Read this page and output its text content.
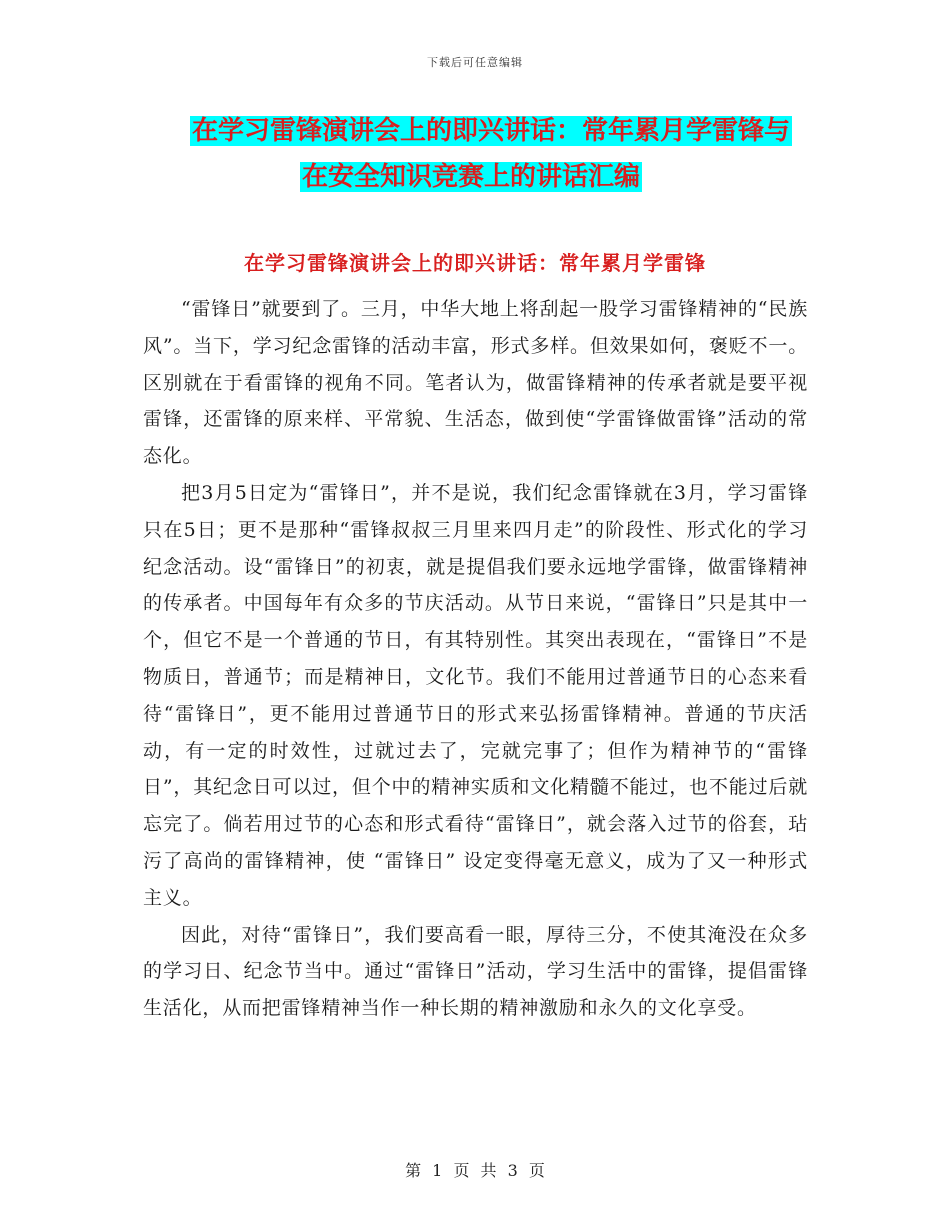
下载后可任意编辑
在学习雷锋演讲会上的即兴讲话：常年累月学雷锋与
在安全知识竞赛上的讲话汇编
在学习雷锋演讲会上的即兴讲话：常年累月学雷锋

“雷锋日”就要到了。三月，中华大地上将刮起一股学习雷锋精神的“民族风”。当下，学习纪念雷锋的活动丰富，形式多样。但效果如何，褒贬不一。区别就在于看雷锋的视角不同。笔者认为，做雷锋精神的传承者就是要平视雷锋，还雷锋的原来样、平常貌、生活态，做到使“学雷锋做雷锋”活动的常态化。

把3月5日定为“雷锋日”，并不是说，我们纪念雷锋就在3月，学习雷锋只在5日；更不是那种“雷锋叔叔三月里来四月走”的阶段性、形式化的学习纪念活动。设“雷锋日”的初衷，就是提倡我们要永远地学雷锋，做雷锋精神的传承者。中国每年有众多的节庆活动。从节日来说，“雷锋日”只是其中一个，但它不是一个普通的节日，有其特别性。其突出表现在，“雷锋日”不是物质日，普通节；而是精神日，文化节。我们不能用过普通节日的心态来看待“雷锋日”，更不能用过普通节日的形式来弘扬雷锋精神。普通的节庆活动，有一定的时效性，过就过去了，完就完事了；但作为精神节的“雷锋日”，其纪念日可以过，但个中的精神实质和文化精髓不能过，也不能过后就忘完了。倘若用过节的心态和形式看待“雷锋日”，就会落入过节的俗套，玷污了高尚的雷锋精神，使 “雷锋日” 设定变得毫无意义，成为了又一种形式主义。

因此，对待“雷锋日”，我们要高看一眼，厚待三分，不使其淹没在众多的学习日、纪念节当中。通过“雷锋日”活动，学习生活中的雷锋，提倡雷锋生活化，从而把雷锋精神当作一种长期的精神激励和永久的文化享受。

第 1 页 共 3 页
